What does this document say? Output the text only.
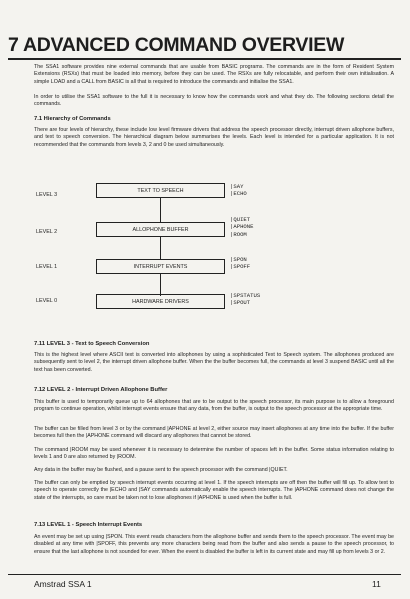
7 ADVANCED COMMAND OVERVIEW

The SSA1 software provides nine external commands that are usable from BASIC programs. The commands are in the form of Resident System Extensions (RSXs) that must be loaded into memory, before they can be used. The RSXs are fully relocatable, and perform their own initialisation. A simple LOAD and a CALL from BASIC is all that is required to introduce the commands and initialise the SSA1.

In order to utilise the SSA1 software to the full it is necessary to know how the commands work and what they do. The following sections detail the commands.

7.1 Hierarchy of Commands

There are four levels of hierarchy, these include low level firmware drivers that address the speech processor directly, interrupt driven allophone buffers, and text to speech conversion. The hierarchical diagram below summarises the levels. Each level is intended for a particular application. It is not recommended that the commands from levels 3, 2 and 0 be used simultaneously.

LEVEL 3
TEXT TO SPEECH
|SAY
|ECHO
LEVEL 2	ALLOPHONE BUFFER
|QUIET
|APHONE
|ROOM
LEVEL 1	INTERRUPT EVENTS
|SPON
|SPOFF
LEVEL 0	HARDWARE DRIVERS
|SPSTATUS
|SPOUT
7.11 LEVEL 3 - Text to Speech Conversion

This is the highest level where ASCII text is converted into allophones by using a sophisticated Text to Speech system. The allophones produced are subsequently sent to level 2, the interrupt driven allophone buffer. When the the buffer becomes full, the commands at level 3 suspend BASIC until all the text has been converted.

7.12 LEVEL 2 - Interrupt Driven Allophone Buffer

This buffer is used to temporarily queue up to 64 allophones that are to be output to the speech processor, its main purpose is to allow a foreground program to continue operation, whilst interrupt events ensure that any data, from the buffer, is output to the speech processor at the appropriate time.

The buffer can be filled from level 3 or by the command |APHONE at level 2, either source may insert allophones at any time into the buffer. If the buffer becomes full then the |APHONE command will discard any allophones that cannot be stored.

The command |ROOM may be used whenever it is necessary to determine the number of spaces left in the buffer. Some status information relating to levels 1 and 0 are also returned by |ROOM.

Any data in the buffer may be flushed, and a pause sent to the speech processor with the command |QUIET.

The buffer can only be emptied by speech interrupt events occurring at level 1. If the speech interrupts are off then the buffer will fill up. To allow text to speech to operate correctly the |ECHO and |SAY commands automatically enable the speech interrupts. The |APHONE command does not change the state of the interrupts, so care must be taken not to lose allophones if |APHONE is used when the buffer is full.

7.13 LEVEL 1 - Speech Interrupt Events

An event may be set up using |SPON. This event reads characters from the allophone buffer and sends them to the speech processor. The event may be disabled at any time with |SPOFF, this prevents any more characters being read from the buffer and also sends a pause to the speech processor, to ensure that the last allophone is not sounded for ever. When the event is disabled the buffer is left in its current state and may fill up from levels 3 or 2.

Amstrad SSA 1	11
